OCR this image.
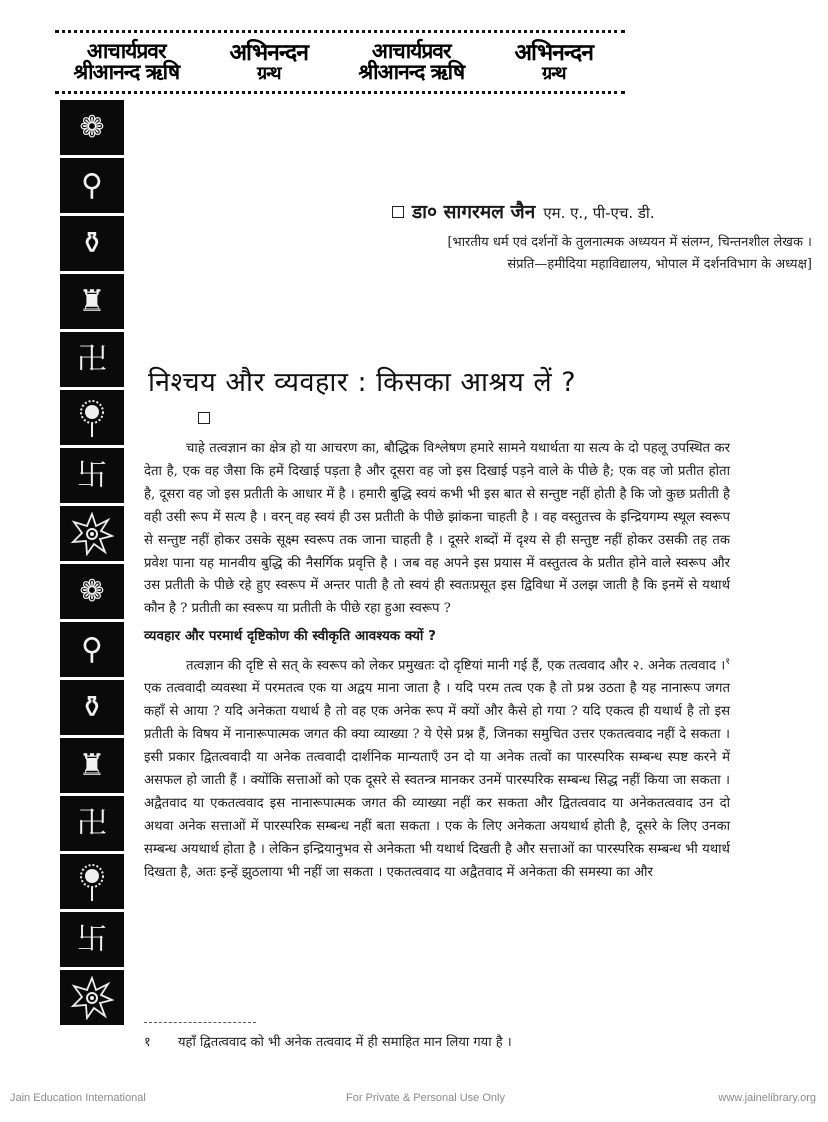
आचार्यप्रवर
श्रीआनन्द ऋषि
अभिनन्दन
ग्रन्थ
आचार्यप्रवर
श्रीआनन्द ऋषि
अभिनन्दन
ग्रन्थ
❁
⚲
⚱
♜
卍
卐
❁
⚲
⚱
♜
卍
卐
डा० सागरमल जैन एम. ए., पी-एच. डी.
[भारतीय धर्म एवं दर्शनों के तुलनात्मक अध्ययन में संलग्न, चिन्तनशील लेखक ।
संप्रति—हमीदिया महाविद्यालय, भोपाल में दर्शनविभाग के अध्यक्ष]
निश्चय और व्यवहार : किसका आश्रय लें ?

चाहे तत्वज्ञान का क्षेत्र हो या आचरण का, बौद्धिक विश्लेषण हमारे सामने यथार्थता या सत्य के दो पहलू उपस्थित कर देता है, एक वह जैसा कि हमें दिखाई पड़ता है और दूसरा वह जो इस दिखाई पड़ने वाले के पीछे है; एक वह जो प्रतीत होता है, दूसरा वह जो इस प्रतीती के आधार में है । हमारी बुद्धि स्वयं कभी भी इस बात से सन्तुष्ट नहीं होती है कि जो कुछ प्रतीती है वही उसी रूप में सत्य है । वरन् वह स्वयं ही उस प्रतीती के पीछे झांकना चाहती है । वह वस्तुतत्त्व के इन्द्रियगम्य स्थूल स्वरूप से सन्तुष्ट नहीं होकर उसके सूक्ष्म स्वरूप तक जाना चाहती है । दूसरे शब्दों में दृश्य से ही सन्तुष्ट नहीं होकर उसकी तह तक प्रवेश पाना यह मानवीय बुद्धि की नैसर्गिक प्रवृत्ति है । जब वह अपने इस प्रयास में वस्तुतत्व के प्रतीत होने वाले स्वरूप और उस प्रतीती के पीछे रहे हुए स्वरूप में अन्तर पाती है तो स्वयं ही स्वतःप्रसूत इस द्विविधा में उलझ जाती है कि इनमें से यथार्थ कौन है ? प्रतीती का स्वरूप या प्रतीती के पीछे रहा हुआ स्वरूप ?

व्यवहार और परमार्थ दृष्टिकोण की स्वीकृति आवश्यक क्यों ?

तत्वज्ञान की दृष्टि से सत् के स्वरूप को लेकर प्रमुखतः दो दृष्टियां मानी गई हैं, एक तत्ववाद और २. अनेक तत्ववाद ।$^१$ एक तत्ववादी व्यवस्था में परमतत्व एक या अद्वय माना जाता है । यदि परम तत्व एक है तो प्रश्न उठता है यह नानारूप जगत कहाँ से आया ? यदि अनेकता यथार्थ है तो वह एक अनेक रूप में क्यों और कैसे हो गया ? यदि एकत्व ही यथार्थ है तो इस प्रतीती के विषय में नानारूपात्मक जगत की क्या व्याख्या ? ये ऐसे प्रश्न हैं, जिनका समुचित उत्तर एकतत्ववाद नहीं दे सकता । इसी प्रकार द्वितत्ववादी या अनेक तत्ववादी दार्शनिक मान्यताएँ उन दो या अनेक तत्वों का पारस्परिक सम्बन्ध स्पष्ट करने में असफल हो जाती हैं । क्योंकि सत्ताओं को एक दूसरे से स्वतन्त्र मानकर उनमें पारस्परिक सम्बन्ध सिद्ध नहीं किया जा सकता । अद्वैतवाद या एकतत्ववाद इस नानारूपात्मक जगत की व्याख्या नहीं कर सकता और द्वितत्ववाद या अनेकतत्ववाद उन दो अथवा अनेक सत्ताओं में पारस्परिक सम्बन्ध नहीं बता सकता । एक के लिए अनेकता अयथार्थ होती है, दूसरे के लिए उनका सम्बन्ध अयथार्थ होता है । लेकिन इन्द्रियानुभव से अनेकता भी यथार्थ दिखती है और सत्ताओं का पारस्परिक सम्बन्ध भी यथार्थ दिखता है, अतः इन्हें झुठलाया भी नहीं जा सकता । एकतत्ववाद या अद्वैतवाद में अनेकता की समस्या का और

१ यहाँ द्वितत्ववाद को भी अनेक तत्ववाद में ही समाहित मान लिया गया है ।
Jain Education International	For Private & Personal Use Only	www.jainelibrary.org
